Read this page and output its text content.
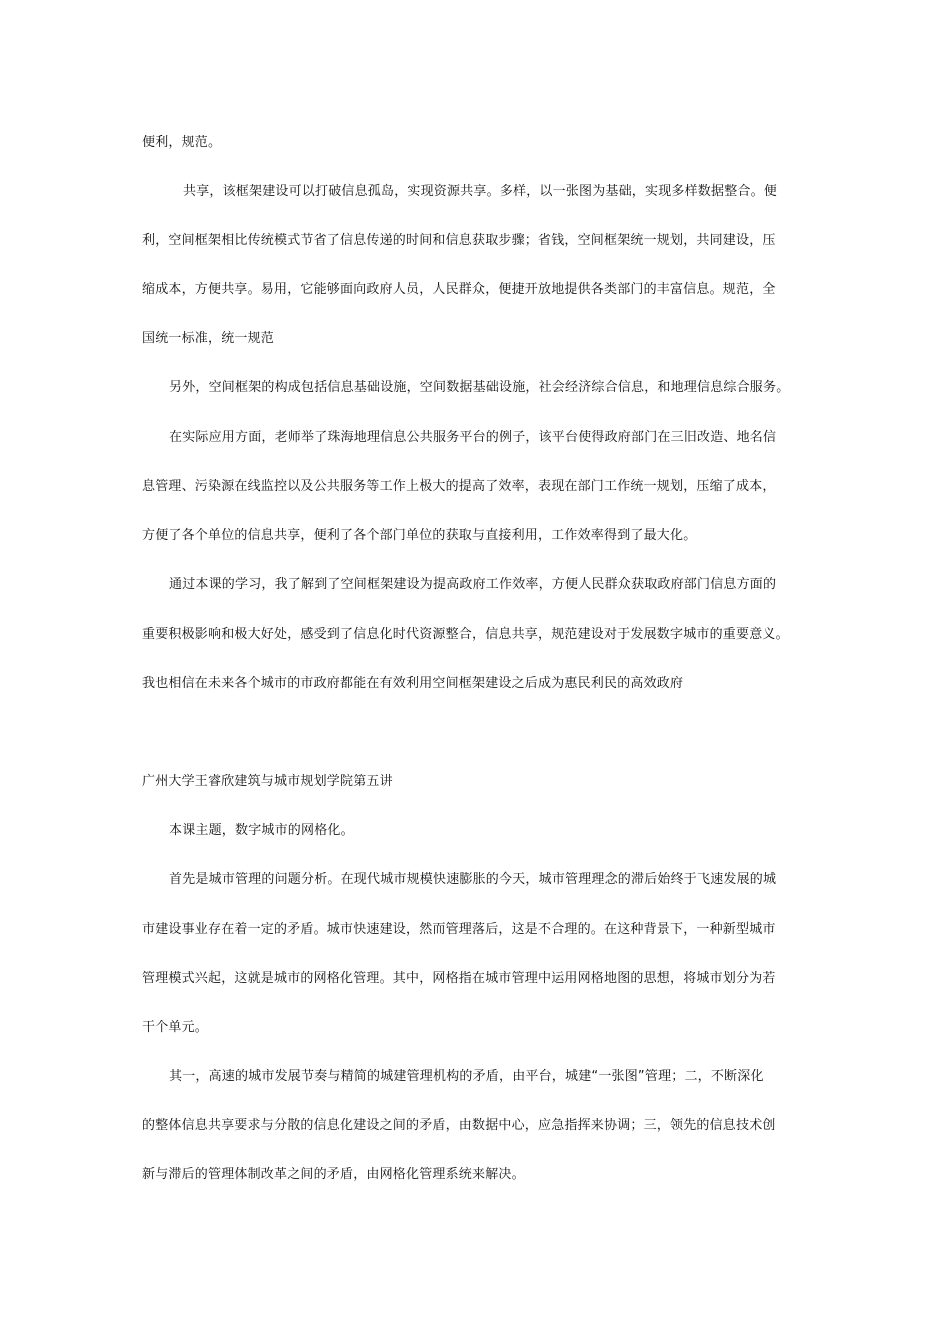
便利，规范。
共享，该框架建设可以打破信息孤岛，实现资源共享。多样，以一张图为基础，实现多样数据整合。便
利，空间框架相比传统模式节省了信息传递的时间和信息获取步骤；省钱，空间框架统一规划，共同建设，压
缩成本，方便共享。易用，它能够面向政府人员，人民群众，便捷开放地提供各类部门的丰富信息。规范，全
国统一标准，统一规范
另外，空间框架的构成包括信息基础设施，空间数据基础设施，社会经济综合信息，和地理信息综合服务。
在实际应用方面，老师举了珠海地理信息公共服务平台的例子，该平台使得政府部门在三旧改造、地名信
息管理、污染源在线监控以及公共服务等工作上极大的提高了效率，表现在部门工作统一规划，压缩了成本，
方便了各个单位的信息共享，便利了各个部门单位的获取与直接利用，工作效率得到了最大化。
通过本课的学习，我了解到了空间框架建设为提高政府工作效率，方便人民群众获取政府部门信息方面的
重要积极影响和极大好处，感受到了信息化时代资源整合，信息共享，规范建设对于发展数字城市的重要意义。
我也相信在未来各个城市的市政府都能在有效利用空间框架建设之后成为惠民利民的高效政府
广州大学王睿欣建筑与城市规划学院第五讲
本课主题，数字城市的网格化。
首先是城市管理的问题分析。在现代城市规模快速膨胀的今天，城市管理理念的滞后始终于飞速发展的城
市建设事业存在着一定的矛盾。城市快速建设，然而管理落后，这是不合理的。在这种背景下，一种新型城市
管理模式兴起，这就是城市的网格化管理。其中，网格指在城市管理中运用网格地图的思想，将城市划分为若
干个单元。
其一，高速的城市发展节奏与精简的城建管理机构的矛盾，由平台，城建“一张图”管理；二，不断深化
的整体信息共享要求与分散的信息化建设之间的矛盾，由数据中心，应急指挥来协调；三，领先的信息技术创
新与滞后的管理体制改革之间的矛盾，由网格化管理系统来解决。
